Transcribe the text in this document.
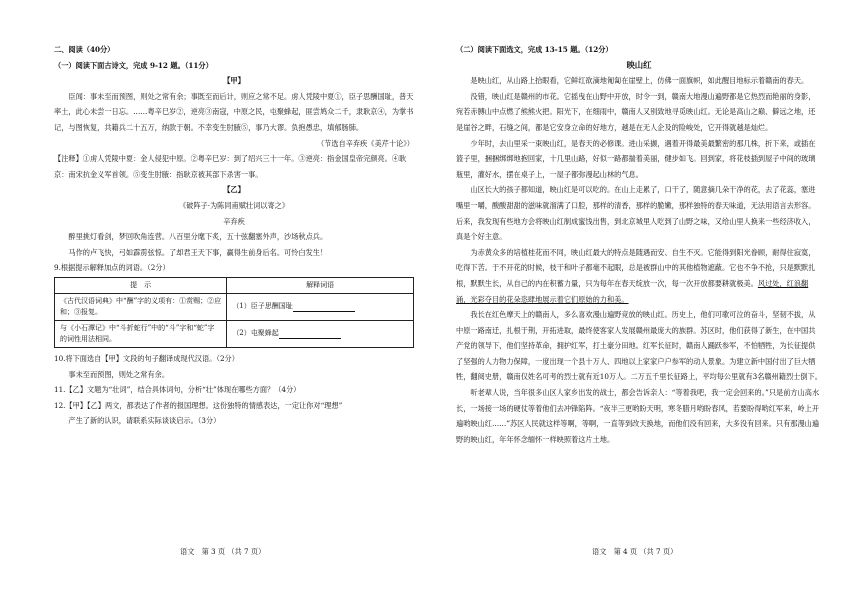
二、阅读（40分）

（一）阅读下面古诗文，完成 9-12 题。（11分）

【甲】

臣闻：事未至而预图，则处之常有余；事既至而后计，则应之常不足。虏人凭陵中夏①，臣子思酬国耻，普天率土，此心未尝一日忘。……粤辛巳岁②，逆亮③南寇，中原之民，屯聚蜂起，匪尝鸠众二千，隶耿京④，为掌书记，与图恢复，共籍兵二十五万，纳款于朝。不幸变生肘腋⑤，事乃大谬。负抱愚忠，填郁肠肺。

（节选自辛弃疾《美芹十论》）

【注释】①虏人凭陵中夏：金人侵犯中原。②粤辛巳岁：到了绍兴三十一年。③逆亮：指金国皇帝完颜亮。④耿京：南宋抗金义军首领。⑤变生肘腋：指耿京被其部下杀害一事。

【乙】

《破阵子·为陈同甫赋壮词以寄之》

辛弃疾

醉里挑灯看剑，梦回吹角连营。八百里分麾下炙，五十弦翻塞外声，沙场秋点兵。

马作的卢飞快，弓如霹雳弦惊。了却君王天下事，赢得生前身后名。可怜白发生！

9.根据提示解释加点的词语。（2分）

提　示	解释词语
《古代汉语词典》中“酬”字的义项有：①赏赐；②应和；③报复。	（1）臣子思酬国耻
与《小石潭记》中“斗折蛇行”中的“斗”字和“蛇”字的词性用法相同。	（2）屯聚蜂起

10.将下面选自【甲】文段的句子翻译成现代汉语。（2分）

事未至而预图，则处之常有余。

11.【乙】文题为“壮词”，结合具体词句，分析“壮”体现在哪些方面？（4分）

12.【甲】【乙】两文，都表达了作者的报国理想。这份独特的情感表达，一定让你对“理想”

产生了新的认识，请联系实际谈谈启示。（3分）

（二）阅读下面选文，完成 13-15 题。（12分）

映山红

是映山红，从山路上拾眼看，它鲜红欲滴地匍匐在崖壁上，仿佛一面旗帜，如此醒目地标示着赣南的春天。

没错，映山红是赣州的市花。它摇曳在山野中开放，时令一到，赣南大地漫山遍野都是它热烈而艳丽的身影，宛若赤膊山中点燃了熊熊火把。阳光下，在细雨中，赣南人又别致地寻觅映山红。无论是高山之巅、僻远之地，还是崖谷之畔，石缝之间，都是它安身立命的好地方，越是在无人企及的险峻处，它开得就越是灿烂。

少年时，去山里采一束映山红，是春天的必修课。进山采撷，遇着开得最美最繁密的那几株，折下来，或插在篮子里，捆捆绑绑地抱回家，十几里山路，好似一路都揣着美丽，健步如飞。回到家，将花枝插到屋子中间的玻璃瓶里，灌好水，摆在桌子上，一屋子都弥漫起山林的气息。

山区长大的孩子都知道，映山红是可以吃的。在山上走累了，口干了，随意摘几朵干净的花，去了花蕊，塞进嘴里一嚼，酸酸甜甜的滋味就溜满了口腔，那样的清香，那样的脆嫩，那样独特的春天味道，无法用语言去形容。后来，我发现有些地方会将映山红制成蜜饯出售，到北京城里人吃到了山野之味，又给山里人换来一些经济收入，真是个好主意。

为赤黄众多的培植桂花而不同，映山红最大的特点是随遇而安、自生不灭。它能得到阳光眷顾，耐得住寂寞，吃得下苦。于不开花的时候，枝干和叶子都毫不起眼，总是被群山中的其他植物遮蔽。它也不争不抢，只是默默扎根，默默生长，从自己的内在积蓄力量，只为每年在春天绽放一次，每一次开放都要耕就极美。风过处，红浪翻涌，光彩夺目的花朵恣肆地展示着它们原始的力和美。

我长在红色摩天上的赣南人，多么喜欢漫山遍野竞放的映山红。历史上，他们可歌可泣的奋斗，坚韧不拔，从中原一路南迁，扎根于荆，开拓进取，最终使客家人发展赣州最庞大的族群。苏区时，他们获得了新生，在中国共产党的领导下，他们坚持革命，拥护红军，打土豪分田地。红军长征时，赣南人踊跃参军，不怕牺牲，为长征提供了坚强的人力物力保障，一度出现一个县十万人、四地以上家家户户参军的动人景象。为建立新中国付出了巨大牺牲，翻阅史册，赣南仅姓名可考的烈士就有近10万人。二万五千里长征路上，平均每公里就有3名赣州籍烈士倒下。

听老辈人说，当年很多山区人家乡出发的战士，都会告诉亲人：“等着我吧，我一定会回来的。”只是前方山高水长，一场接一场的硬仗等着他们去冲锋陷阵。“夜半三更哟盼天明，寒冬腊月哟盼春风，若要盼得哟红军来，岭上开遍哟映山红……”苏区人民就这样等啊，等啊，一直等到改天换地，而他们没有回来，大多没有回来。只有那漫山遍野的映山红，年年怀念缅怀一样映照着这片土地。

语文　第 3 页 （共 7 页）	语文　第 4 页 （共 7 页）
